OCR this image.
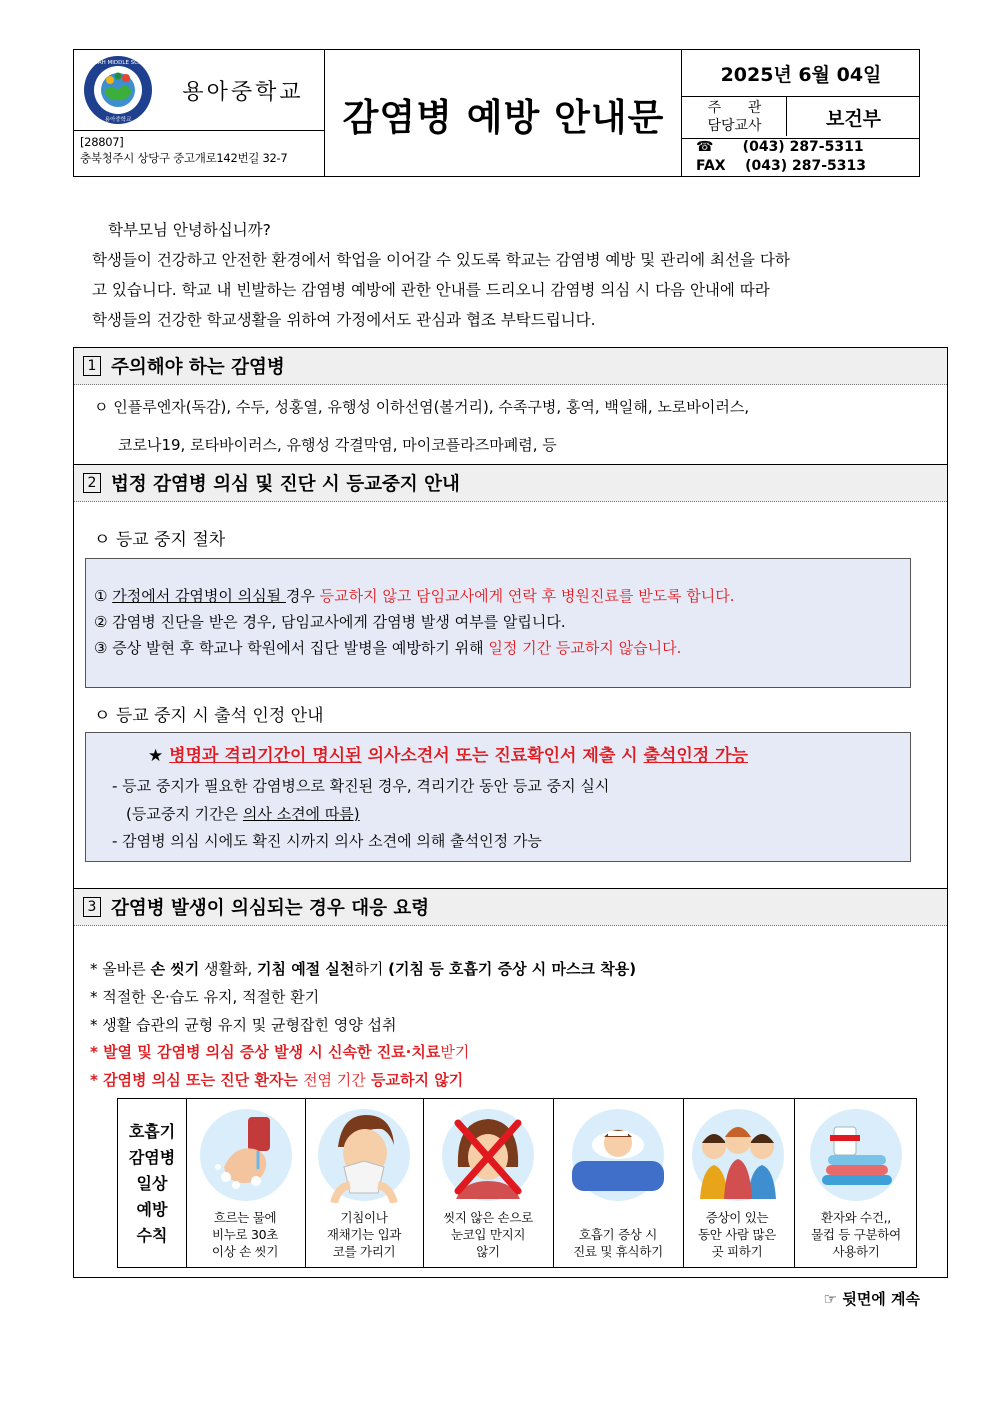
YONGAH MIDDLE SCHOOL
용아중학교
용아중학교
[28807]
충북청주시 상당구 중고개로142번길 32-7
감염병 예방 안내문
2025년 6월 04일
주      관
담당교사	보건부
☎      (043) 287-5311
FAX    (043) 287-5313
학부모님 안녕하십니까?
학생들이 건강하고 안전한 환경에서 학업을 이어갈 수 있도록 학교는 감염병 예방 및 관리에 최선을 다하
고 있습니다. 학교 내 빈발하는 감염병 예방에 관한 안내를 드리오니 감염병 의심 시 다음 안내에 따라
학생들의 건강한 학교생활을 위하여 가정에서도 관심과 협조 부탁드립니다.
1 주의해야 하는 감염병
ㅇ 인플루엔자(독감), 수두, 성홍열, 유행성 이하선염(볼거리), 수족구병, 홍역, 백일해, 노로바이러스,
코로나19, 로타바이러스, 유행성 각결막염, 마이코플라즈마폐렴, 등
2 법정 감염병 의심 및 진단 시 등교중지 안내
ㅇ 등교 중지 절차
① 가정에서 감염병이 의심될 경우 등교하지 않고 담임교사에게 연락 후 병원진료를 받도록 합니다.
② 감염병 진단을 받은 경우, 담임교사에게 감염병 발생 여부를 알립니다.
③ 증상 발현 후 학교나 학원에서 집단 발병을 예방하기 위해 일정 기간 등교하지 않습니다.
ㅇ 등교 중지 시 출석 인정 안내
★ 병명과 격리기간이 명시된 의사소견서 또는 진료확인서 제출 시 출석인정 가능
- 등교 중지가 필요한 감염병으로 확진된 경우, 격리기간 동안 등교 중지 실시
(등교중지 기간은 의사 소견에 따름)
- 감염병 의심 시에도 확진 시까지 의사 소견에 의해 출석인정 가능
3 감염병 발생이 의심되는 경우 대응 요령
* 올바른 손 씻기 생활화, 기침 예절 실천하기 (기침 등 호흡기 증상 시 마스크 착용)
* 적절한 온·습도 유지, 적절한 환기
* 생활 습관의 균형 유지 및 균형잡힌 영양 섭취
* 발열 및 감염병 의심 증상 발생 시 신속한 진료·치료받기
* 감염병 의심 또는 진단 환자는 전염 기간 등교하지 않기
호흡기
감염병
일상
예방
수칙
흐르는 물에
비누로 30초
이상 손 씻기
기침이나
재채기는 입과
코를 가리기
씻지 않은 손으로
눈코입 만지지
않기

호흡기 증상 시
진료 및 휴식하기
증상이 있는
동안 사람 많은
곳 피하기
환자와 수건,,
물컵 등 구분하여
사용하기
☞ 뒷면에 계속
